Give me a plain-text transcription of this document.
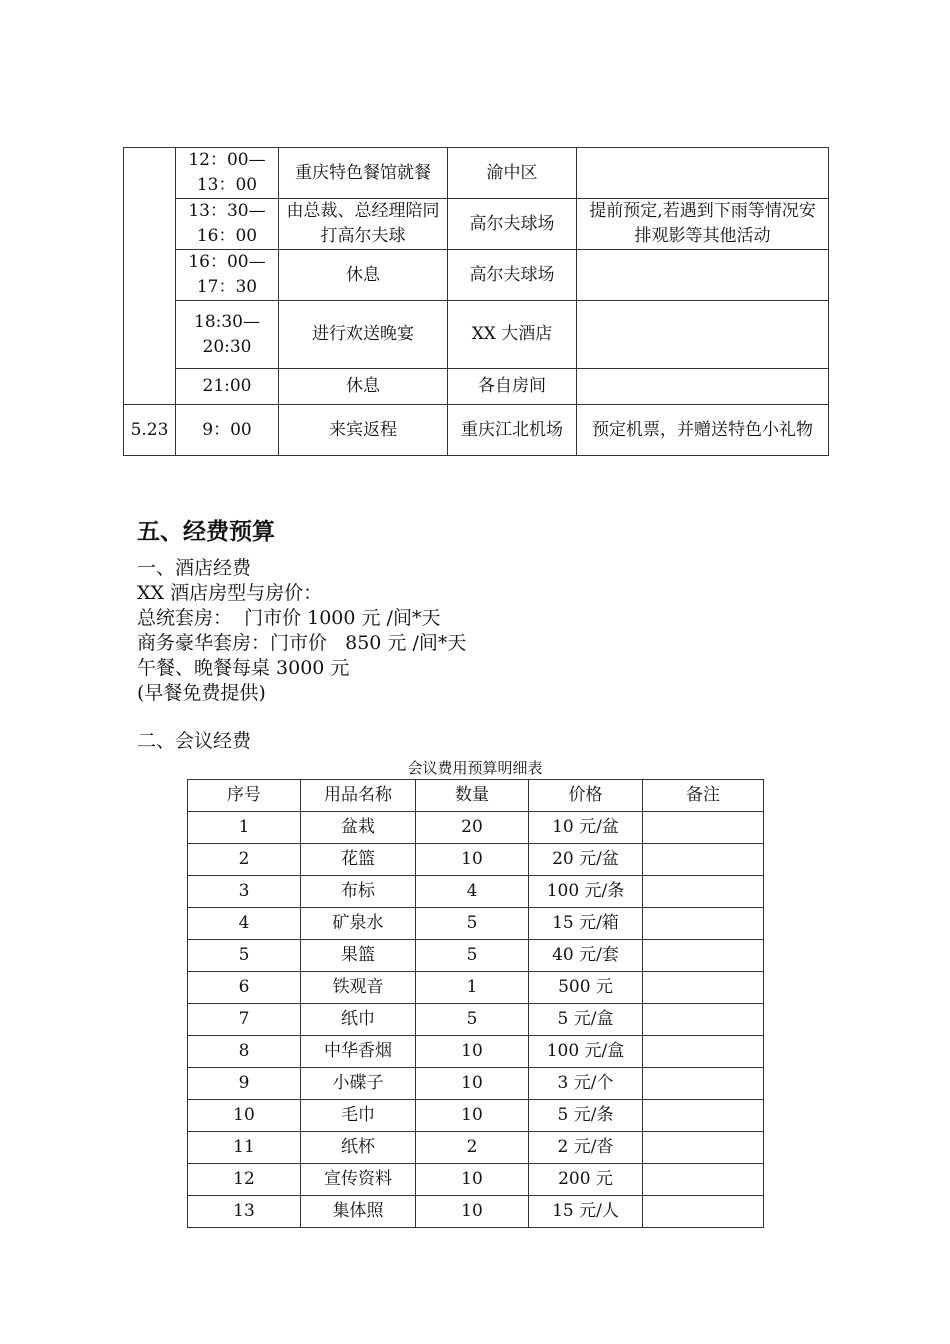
	12：00—13：00	重庆特色餐馆就餐	渝中区	
	13：30—16：00	由总裁、总经理陪同打高尔夫球	高尔夫球场	提前预定,若遇到下雨等情况安排观影等其他活动
	16：00—17：30	休息	高尔夫球场	
	18:30—20:30	进行欢送晚宴	XX 大酒店	
	21:00	休息	各自房间	
5.23	9：00	来宾返程	重庆江北机场	预定机票，并赠送特色小礼物
五、经费预算
一、酒店经费
XX 酒店房型与房价：
总统套房：  门市价 1000 元 /间*天
商务豪华套房：门市价   850 元 /间*天
午餐、晚餐每桌 3000 元
(早餐免费提供)
二、会议经费
会议费用预算明细表
序号	用品名称	数量	价格	备注
1	盆栽	20	10 元/盆	
2	花篮	10	20 元/盆	
3	布标	4	100 元/条	
4	矿泉水	5	15 元/箱	
5	果篮	5	40 元/套	
6	铁观音	1	500 元	
7	纸巾	5	5 元/盒	
8	中华香烟	10	100 元/盒	
9	小碟子	10	3 元/个	
10	毛巾	10	5 元/条	
11	纸杯	2	2 元/沓	
12	宣传资料	10	200 元	
13	集体照	10	15 元/人	
